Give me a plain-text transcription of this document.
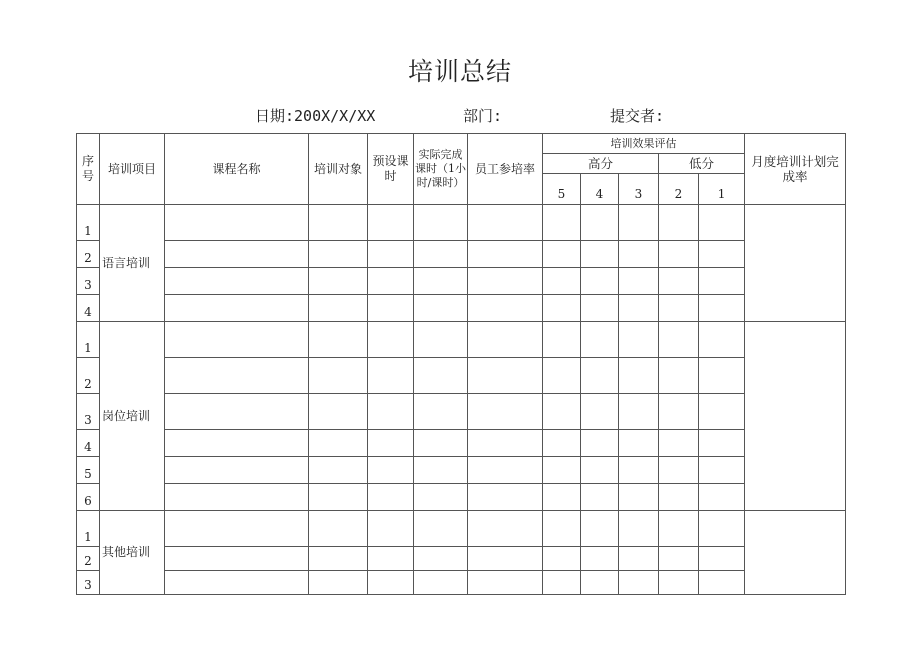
培训总结
日期:200X/X/XX	部门:	提交者:
序号	培训项目	课程名称	培训对象	预设课时	实际完成课时（1小时/课时）	员工参培率	培训效果评估					月度培训计划完成率
							高分			低分		
							5	4	3	2	1	
1	语言培训											
2												
3												
4												
1	岗位培训											
2												
3												
4												
5												
6												
1	其他培训											
2												
3												
